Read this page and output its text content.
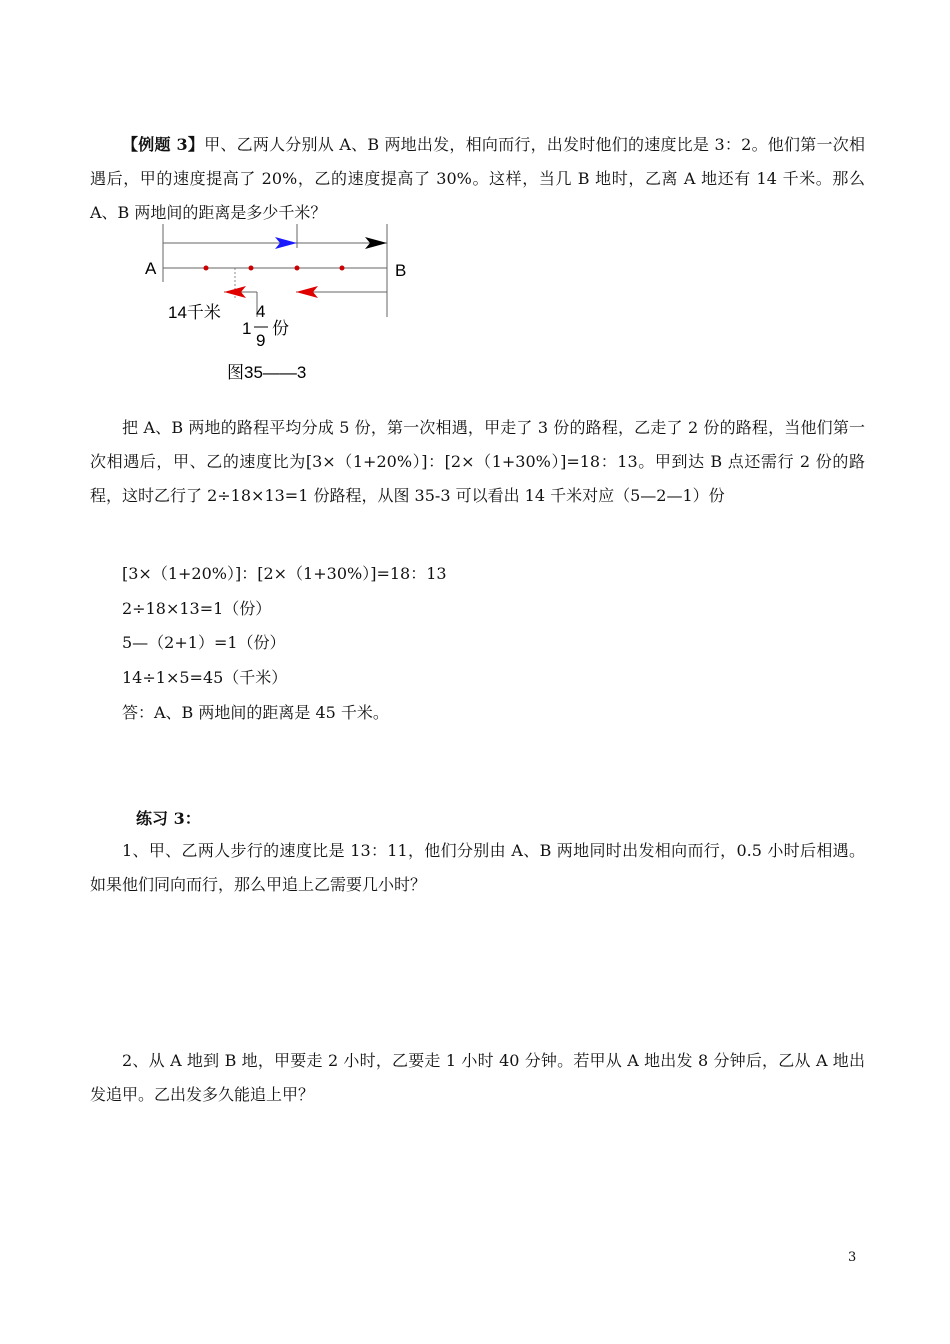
【例题 3】甲、乙两人分别从 A、B 两地出发，相向而行，出发时他们的速度比是 3：2。他们第一次相遇后，甲的速度提高了 20%，乙的速度提高了 30%。这样，当几 B 地时，乙离 A 地还有 14 千米。那么 A、B 两地间的距离是多少千米？

A	B
14千米
1
4
9
份
图35——3

把 A、B 两地的路程平均分成 5 份，第一次相遇，甲走了 3 份的路程，乙走了 2 份的路程，当他们第一次相遇后，甲、乙的速度比为[3×（1+20%）]：[2×（1+30%）]=18：13。甲到达 B 点还需行 2 份的路程，这时乙行了 2÷18×13=1 份路程，从图 35-3 可以看出 14 千米对应（5—2—1）份

[3×（1+20%）]：[2×（1+30%）]=18：13

2÷18×13=1（份）

5—（2+1）=1（份）

14÷1×5=45（千米）

答：A、B 两地间的距离是 45 千米。

练习 3：

1、甲、乙两人步行的速度比是 13：11，他们分别由 A、B 两地同时出发相向而行，0.5 小时后相遇。如果他们同向而行，那么甲追上乙需要几小时？

2、从 A 地到 B 地，甲要走 2 小时，乙要走 1 小时 40 分钟。若甲从 A 地出发 8 分钟后，乙从 A 地出发追甲。乙出发多久能追上甲？

3
